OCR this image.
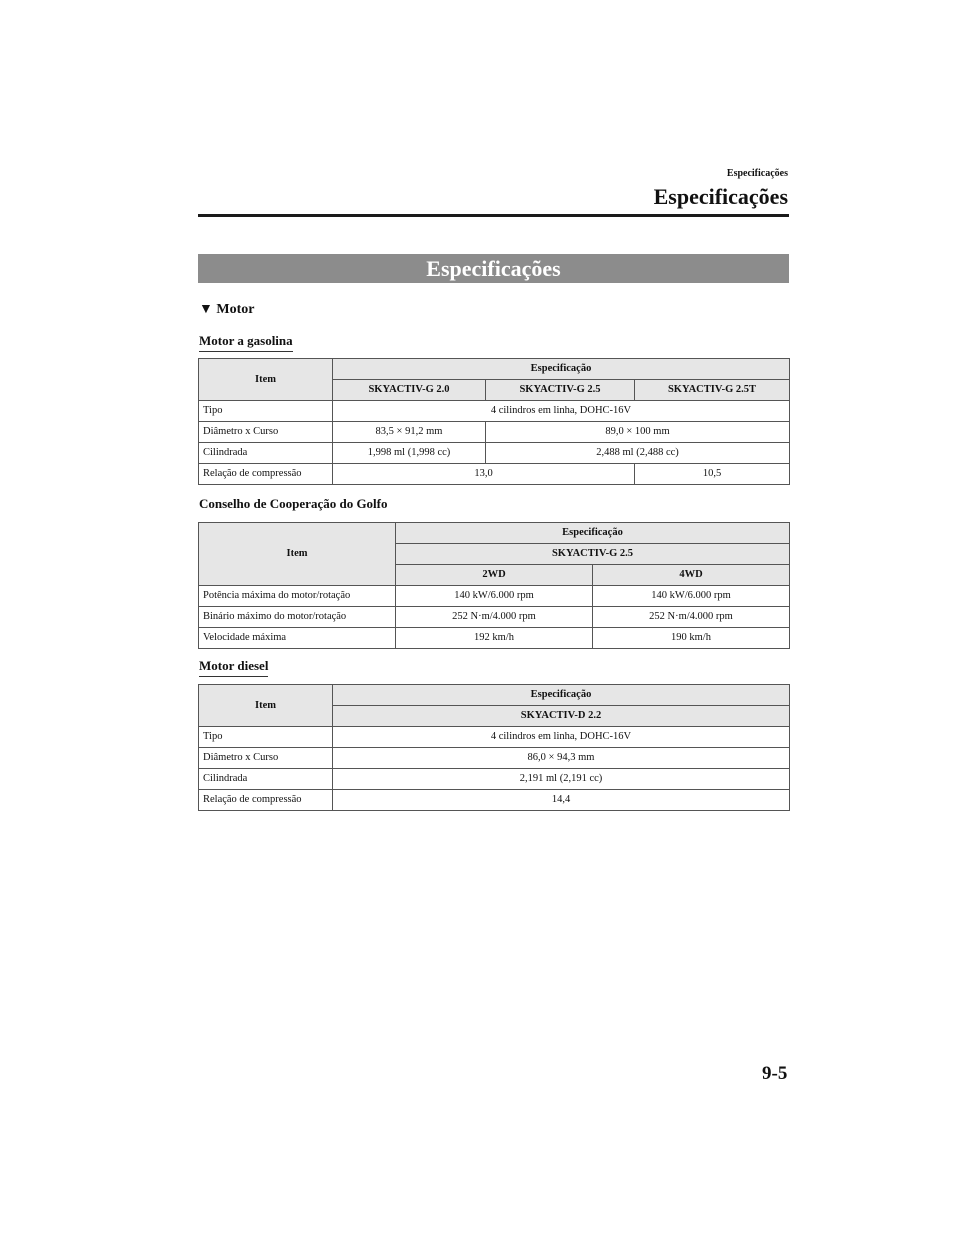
Especificações
Especificações
Especificações
▼ Motor
Motor a gasolina
Item	Especificação		
	SKYACTIV-G 2.0	SKYACTIV-G 2.5	SKYACTIV-G 2.5T
Tipo	4 cilindros em linha, DOHC-16V		
Diâmetro x Curso	83,5 × 91,2 mm	89,0 × 100 mm	
Cilindrada	1,998 ml (1,998 cc)	2,488 ml (2,488 cc)	
Relação de compressão	13,0		10,5
Conselho de Cooperação do Golfo
Item	Especificação	
	SKYACTIV-G 2.5	
	2WD	4WD
Potência máxima do motor/rotação	140 kW/6.000 rpm	140 kW/6.000 rpm
Binário máximo do motor/rotação	252 N·m/4.000 rpm	252 N·m/4.000 rpm
Velocidade máxima	192 km/h	190 km/h
Motor diesel
Item	Especificação
	SKYACTIV-D 2.2
Tipo	4 cilindros em linha, DOHC-16V
Diâmetro x Curso	86,0 × 94,3 mm
Cilindrada	2,191 ml (2,191 cc)
Relação de compressão	14,4
9-5
